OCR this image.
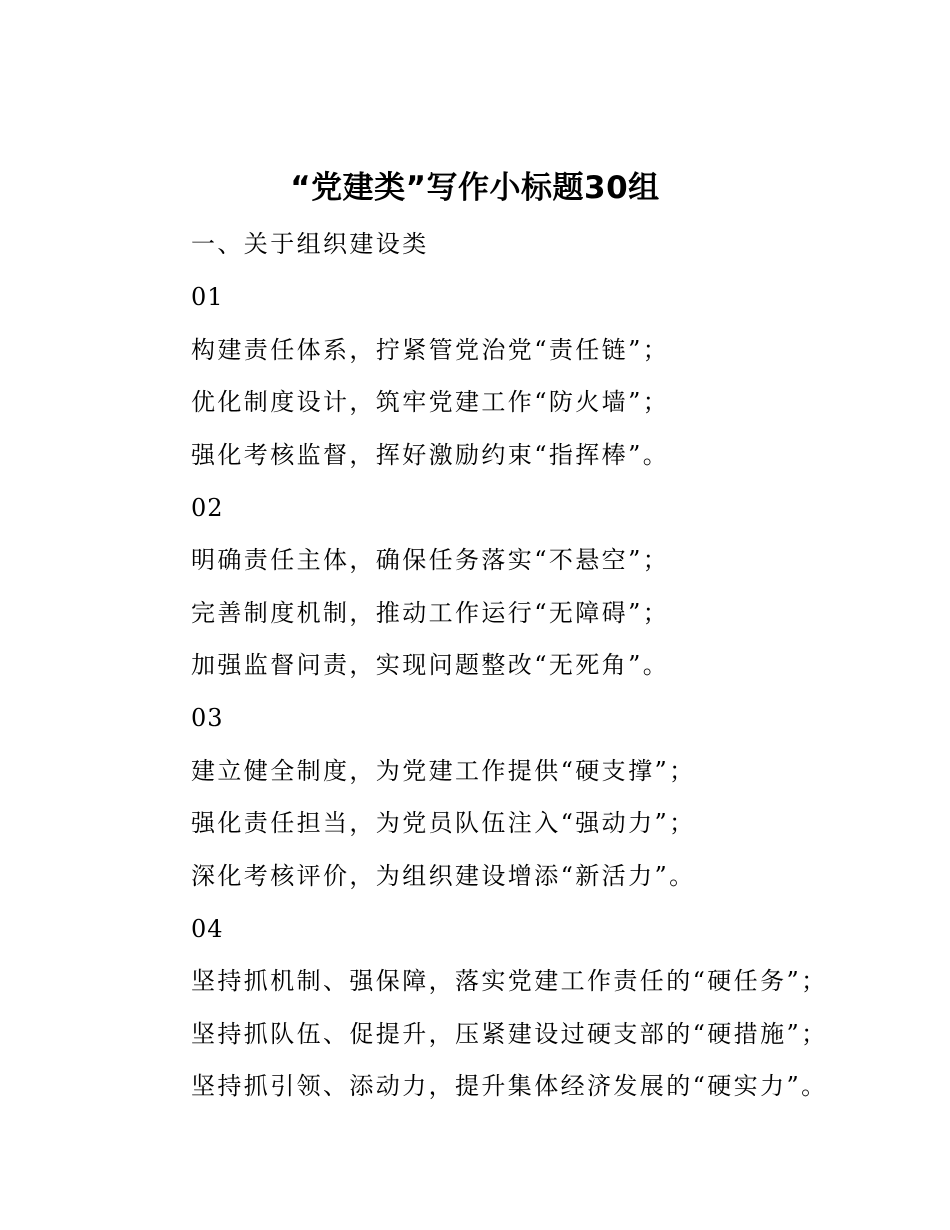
“党建类”写作小标题30组
一、关于组织建设类
01
构建责任体系，拧紧管党治党“责任链”；
优化制度设计，筑牢党建工作“防火墙”；
强化考核监督，挥好激励约束“指挥棒”。
02
明确责任主体，确保任务落实“不悬空”；
完善制度机制，推动工作运行“无障碍”；
加强监督问责，实现问题整改“无死角”。
03
建立健全制度，为党建工作提供“硬支撑”；
强化责任担当，为党员队伍注入“强动力”；
深化考核评价，为组织建设增添“新活力”。
04
坚持抓机制、强保障，落实党建工作责任的“硬任务”；
坚持抓队伍、促提升，压紧建设过硬支部的“硬措施”；
坚持抓引领、添动力，提升集体经济发展的“硬实力”。
